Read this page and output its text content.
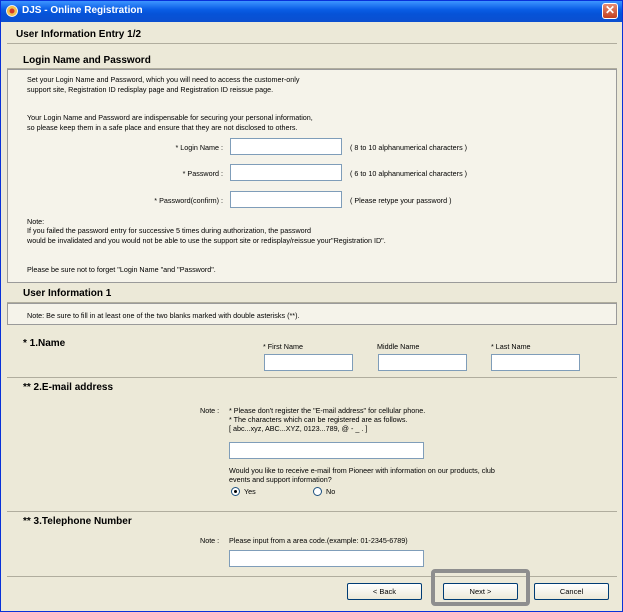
DJS - Online Registration	✕
User Information Entry 1/2
Login Name and Password
Set your Login Name and Password, which you will need to access the customer-only
support site, Registration ID redisplay page and Registration ID reissue page.
Your Login Name and Password are indispensable for securing your personal information,
so please keep them in a safe place and ensure that they are not disclosed to others.
* Login Name :	( 8 to 10 alphanumerical characters )
* Password :	( 6 to 10 alphanumerical characters )
* Password(confirm) :	( Please retype your password )
Note:
If you failed the password entry for successive 5 times during authorization, the password
would be invalidated and you would not be able to use the support site or redisplay/reissue your"Registration ID".
Please be sure not to forget "Login Name "and "Password".
User Information 1
Note: Be sure to fill in at least one of the two blanks marked with double asterisks (**).
* 1.Name	* First Name	Middle Name	* Last Name
** 2.E-mail address
Note : * Please don't register the "E-mail address" for cellular phone.
* The characters which can be registered are as follows.
[ abc...xyz, ABC...XYZ, 0123...789, @ - _ . ]
Would you like to receive e-mail from Pioneer with information on our products, club
events and support information?
Yes	No
** 3.Telephone Number
Note : Please input from a area code.(example: 01-2345-6789)
< Back	Next >	Cancel
